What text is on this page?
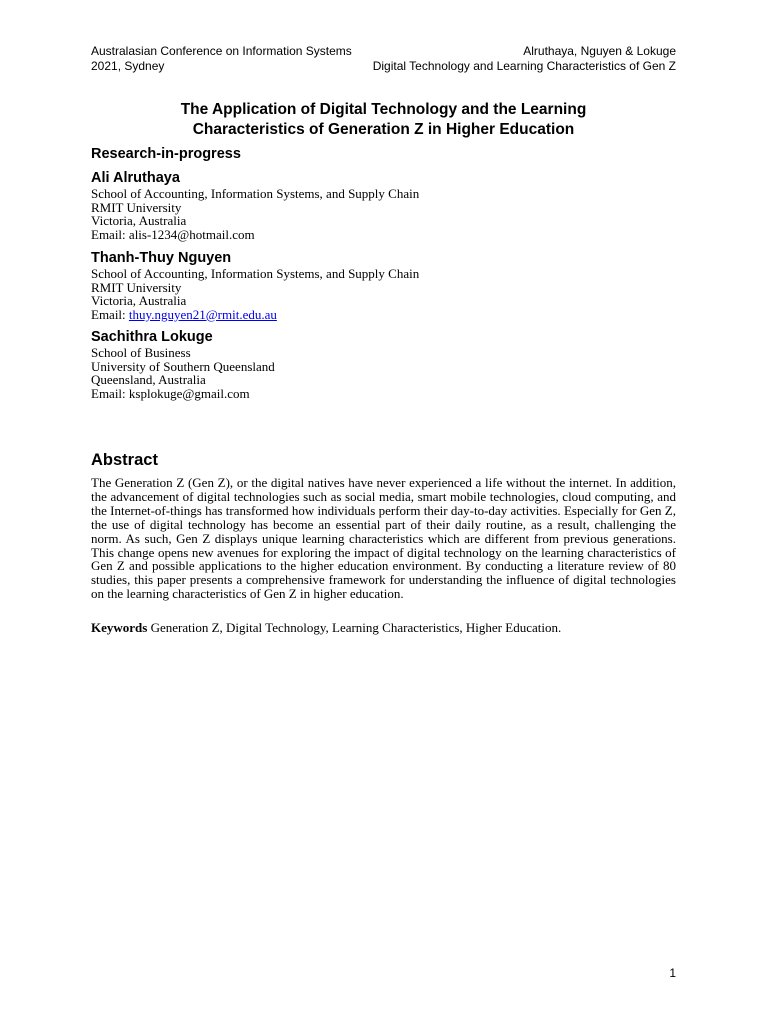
Australasian Conference on Information Systems	Alruthaya, Nguyen & Lokuge
2021, Sydney	Digital Technology and Learning Characteristics of Gen Z
The Application of Digital Technology and the Learning
Characteristics of Generation Z in Higher Education
Research-in-progress
Ali Alruthaya
School of Accounting, Information Systems, and Supply Chain
RMIT University
Victoria, Australia
Email: alis-1234@hotmail.com
Thanh-Thuy Nguyen
School of Accounting, Information Systems, and Supply Chain
RMIT University
Victoria, Australia
Email: thuy.nguyen21@rmit.edu.au
Sachithra Lokuge
School of Business
University of Southern Queensland
Queensland, Australia
Email: ksplokuge@gmail.com
Abstract
The Generation Z (Gen Z), or the digital natives have never experienced a life without the internet. In addition, the advancement of digital technologies such as social media, smart mobile technologies, cloud computing, and the Internet-of-things has transformed how individuals perform their day-to-day activities. Especially for Gen Z, the use of digital technology has become an essential part of their daily routine, as a result, challenging the norm. As such, Gen Z displays unique learning characteristics which are different from previous generations. This change opens new avenues for exploring the impact of digital technology on the learning characteristics of Gen Z and possible applications to the higher education environment. By conducting a literature review of 80 studies, this paper presents a comprehensive framework for understanding the influence of digital technologies on the learning characteristics of Gen Z in higher education.
Keywords Generation Z, Digital Technology, Learning Characteristics, Higher Education.
1
